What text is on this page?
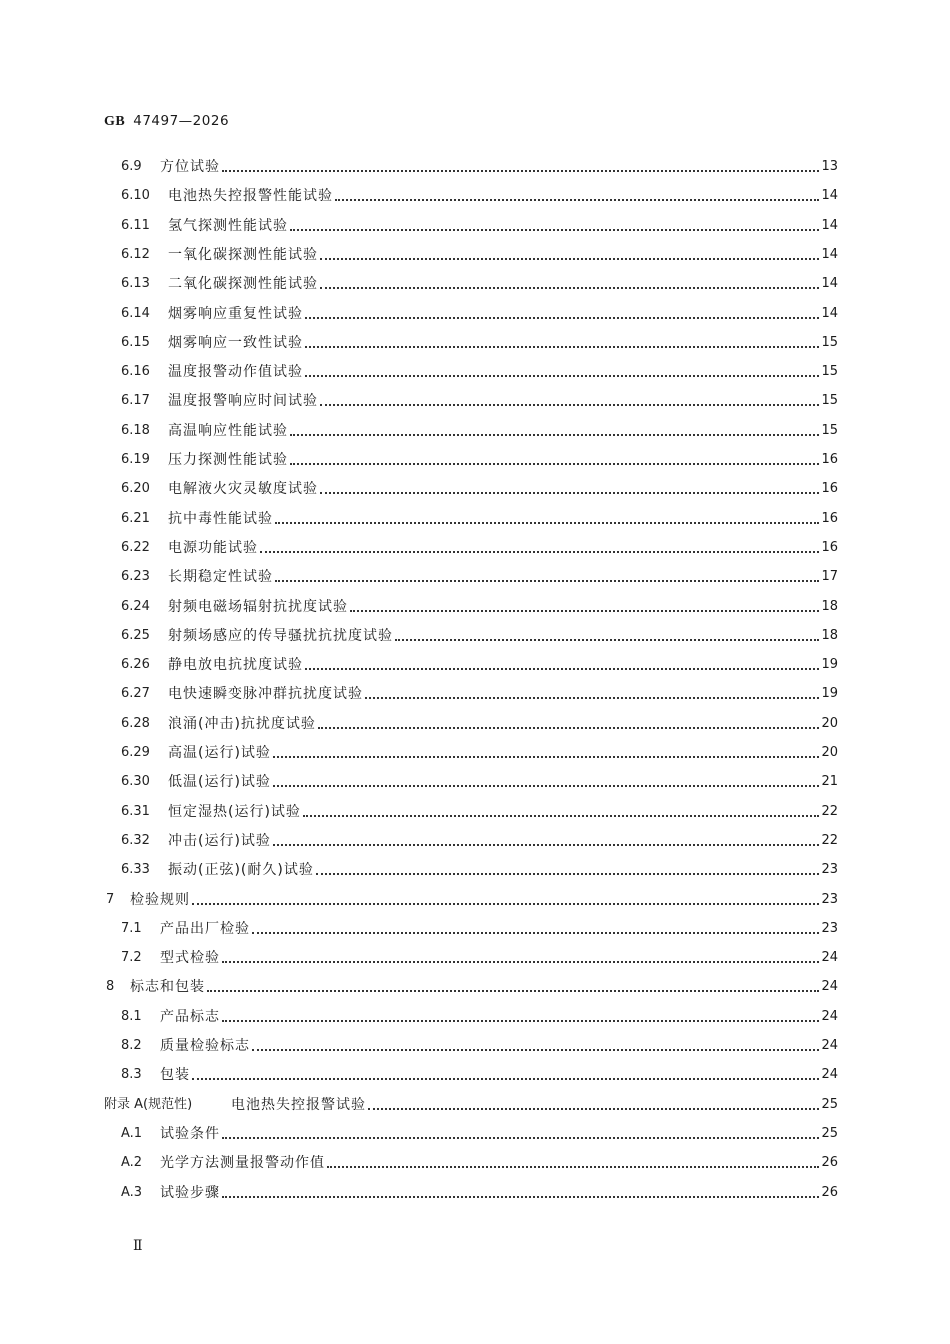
GB 47497—2026
6.9	方位试验	13
6.10	电池热失控报警性能试验	14
6.11	氢气探测性能试验	14
6.12	一氧化碳探测性能试验	14
6.13	二氧化碳探测性能试验	14
6.14	烟雾响应重复性试验	14
6.15	烟雾响应一致性试验	15
6.16	温度报警动作值试验	15
6.17	温度报警响应时间试验	15
6.18	高温响应性能试验	15
6.19	压力探测性能试验	16
6.20	电解液火灾灵敏度试验	16
6.21	抗中毒性能试验	16
6.22	电源功能试验	16
6.23	长期稳定性试验	17
6.24	射频电磁场辐射抗扰度试验	18
6.25	射频场感应的传导骚扰抗扰度试验	18
6.26	静电放电抗扰度试验	19
6.27	电快速瞬变脉冲群抗扰度试验	19
6.28	浪涌(冲击)抗扰度试验	20
6.29	高温(运行)试验	20
6.30	低温(运行)试验	21
6.31	恒定湿热(运行)试验	22
6.32	冲击(运行)试验	22
6.33	振动(正弦)(耐久)试验	23
7	检验规则	23
7.1	产品出厂检验	23
7.2	型式检验	24
8	标志和包装	24
8.1	产品标志	24
8.2	质量检验标志	24
8.3	包装	24
附录 A(规范性)	电池热失控报警试验	25
A.1	试验条件	25
A.2	光学方法测量报警动作值	26
A.3	试验步骤	26
Ⅱ
